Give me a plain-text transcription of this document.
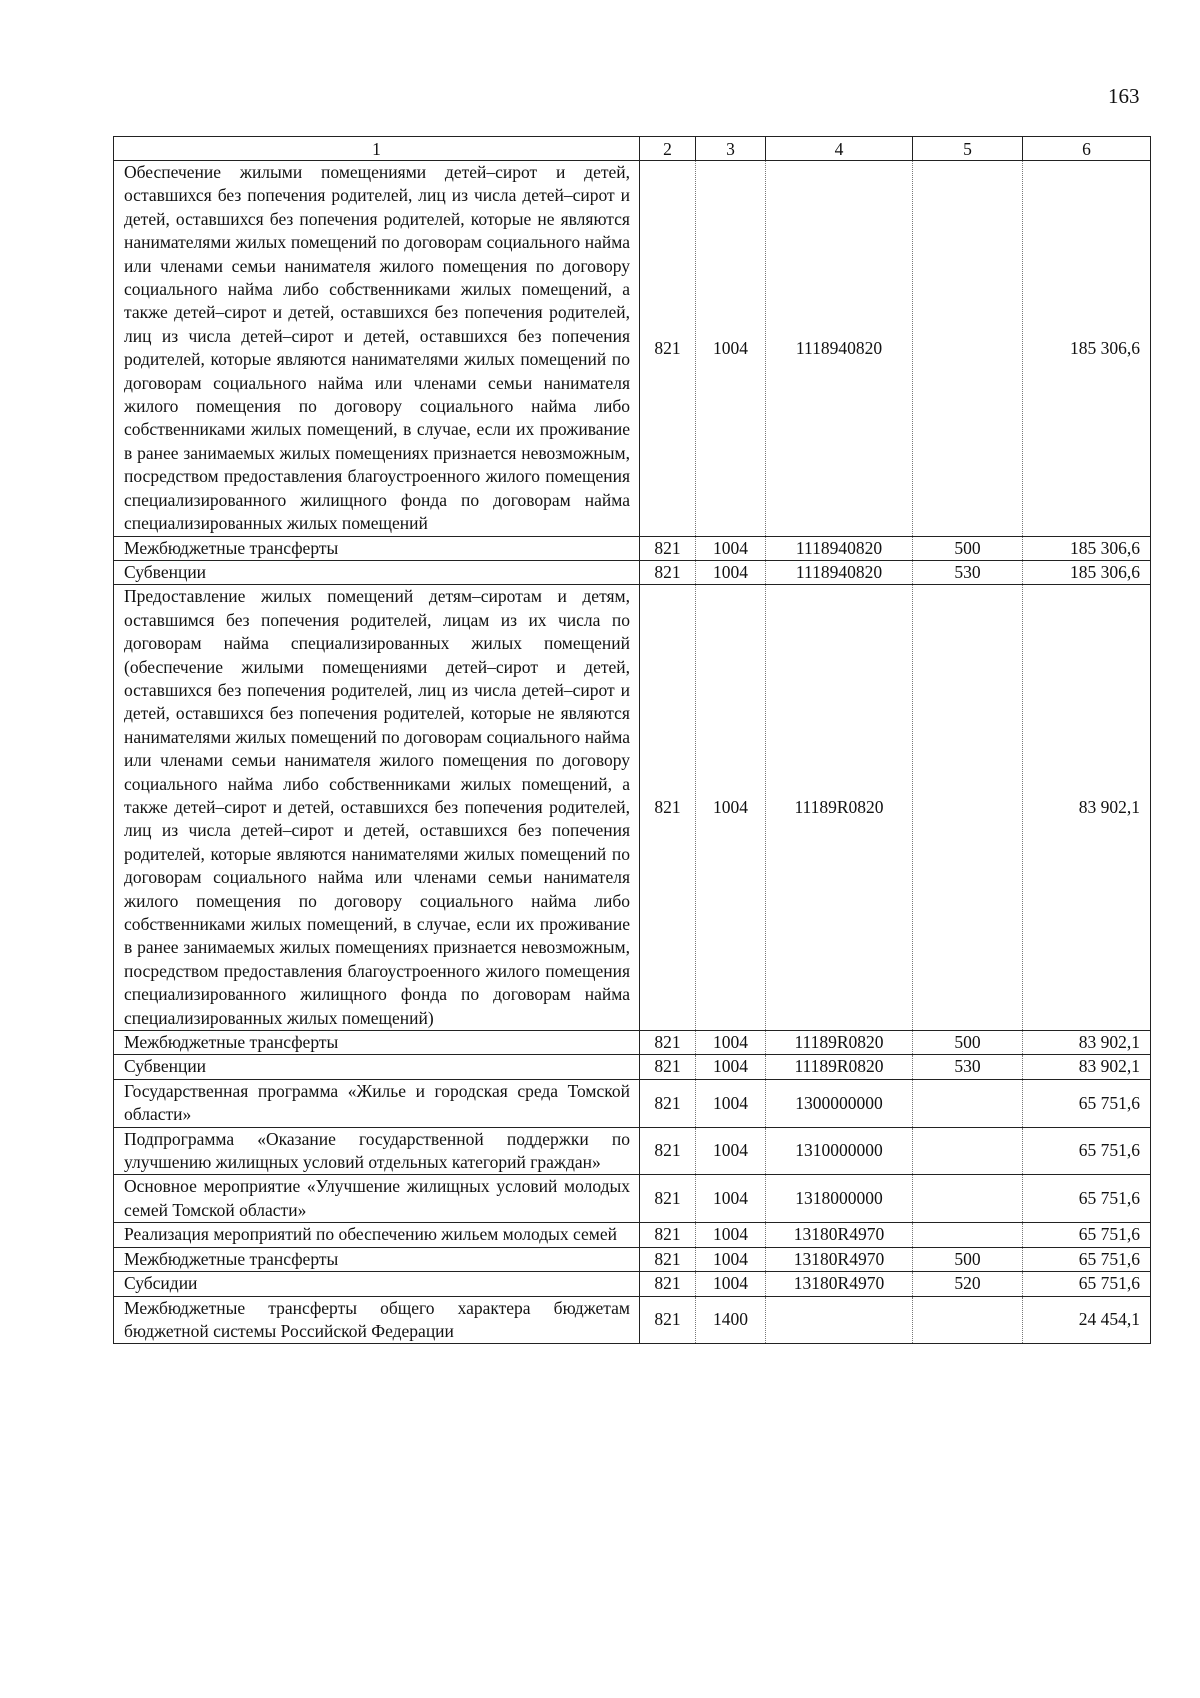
163
1	2	3	4	5	6
Обеспечение жилыми помещениями детей–сирот и детей, оставшихся без попечения родителей, лиц из числа детей–сирот и детей, оставшихся без попечения родителей, которые не являются нанимателями жилых помещений по договорам социального найма или членами семьи нанимателя жилого помещения по договору социального найма либо собственниками жилых помещений, а также детей–сирот и детей, оставшихся без попечения родителей, лиц из числа детей–сирот и детей, оставшихся без попечения родителей, которые являются нанимателями жилых помещений по договорам социального найма или членами семьи нанимателя жилого помещения по договору социального найма либо собственниками жилых помещений, в случае, если их проживание в ранее занимаемых жилых помещениях признается невозможным, посредством предоставления благоустроенного жилого помещения специализированного жилищного фонда по договорам найма специализированных жилых помещений	821	1004	1118940820		185 306,6
Межбюджетные трансферты	821	1004	1118940820	500	185 306,6
Субвенции	821	1004	1118940820	530	185 306,6
Предоставление жилых помещений детям–сиротам и детям, оставшимся без попечения родителей, лицам из их числа по договорам найма специализированных жилых помещений (обеспечение жилыми помещениями детей–сирот и детей, оставшихся без попечения родителей, лиц из числа детей–сирот и детей, оставшихся без попечения родителей, которые не являются нанимателями жилых помещений по договорам социального найма или членами семьи нанимателя жилого помещения по договору социального найма либо собственниками жилых помещений, а также детей–сирот и детей, оставшихся без попечения родителей, лиц из числа детей–сирот и детей, оставшихся без попечения родителей, которые являются нанимателями жилых помещений по договорам социального найма или членами семьи нанимателя жилого помещения по договору социального найма либо собственниками жилых помещений, в случае, если их проживание в ранее занимаемых жилых помещениях признается невозможным, посредством предоставления благоустроенного жилого помещения специализированного жилищного фонда по договорам найма специализированных жилых помещений)	821	1004	11189R0820		83 902,1
Межбюджетные трансферты	821	1004	11189R0820	500	83 902,1
Субвенции	821	1004	11189R0820	530	83 902,1
Государственная программа «Жилье и городская среда Томской области»	821	1004	1300000000		65 751,6
Подпрограмма «Оказание государственной поддержки по улучшению жилищных условий отдельных категорий граждан»	821	1004	1310000000		65 751,6
Основное мероприятие «Улучшение жилищных условий молодых семей Томской области»	821	1004	1318000000		65 751,6
Реализация мероприятий по обеспечению жильем молодых семей	821	1004	13180R4970		65 751,6
Межбюджетные трансферты	821	1004	13180R4970	500	65 751,6
Субсидии	821	1004	13180R4970	520	65 751,6
Межбюджетные трансферты общего характера бюджетам бюджетной системы Российской Федерации	821	1400			24 454,1
